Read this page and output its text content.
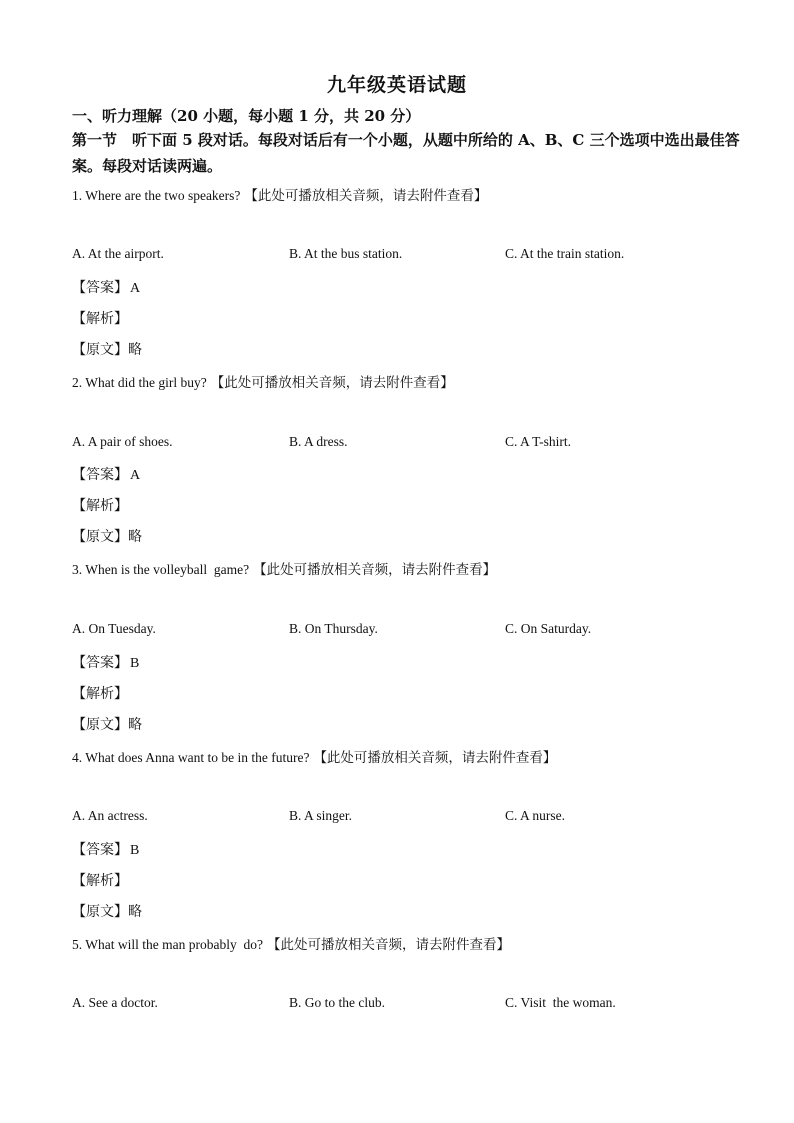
九年级英语试题
一、听力理解（20 小题，每小题 1 分，共 20 分）
第一节　听下面 5 段对话。每段对话后有一个小题，从题中所给的 A、B、C 三个选项中选出最佳答案。每段对话读两遍。
1. Where are the two speakers? 【此处可播放相关音频，请去附件查看】
A. At the airport.	B. At the bus station.	C. At the train station.
【答案】 A
【解析】
【原文】略
2. What did the girl buy? 【此处可播放相关音频，请去附件查看】
A. A pair of shoes.	B. A dress.	C. A T-shirt.
【答案】 A
【解析】
【原文】略
3. When is the volleyball  game? 【此处可播放相关音频，请去附件查看】
A. On Tuesday.	B. On Thursday.	C. On Saturday.
【答案】 B
【解析】
【原文】略
4. What does Anna want to be in the future? 【此处可播放相关音频，请去附件查看】
A. An actress.	B. A singer.	C. A nurse.
【答案】 B
【解析】
【原文】略
5. What will the man probably  do? 【此处可播放相关音频，请去附件查看】
A. See a doctor.	B. Go to the club.	C. Visit  the woman.
